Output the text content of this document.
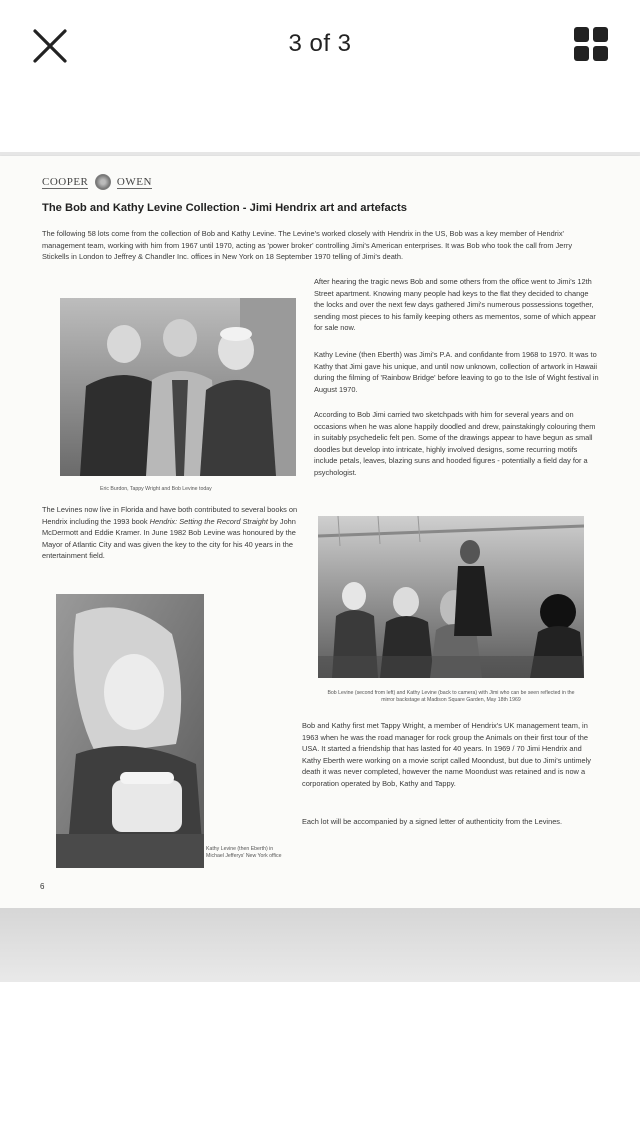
3 of 3
COOPER	OWEN
The Bob and Kathy Levine Collection - Jimi Hendrix art and artefacts

The following 58 lots come from the collection of Bob and Kathy Levine. The Levine's worked closely with Hendrix in the US, Bob was a key member of Hendrix' management team, working with him from 1967 until 1970, acting as 'power broker' controlling Jimi's American enterprises. It was Bob who took the call from Jerry Stickells in London to Jeffrey & Chandler Inc. offices in New York on 18 September 1970 telling of Jimi's death.

After hearing the tragic news Bob and some others from the office went to Jimi's 12th Street apartment. Knowing many people had keys to the flat they decided to change the locks and over the next few days gathered Jimi's numerous possessions together, sending most pieces to his family keeping others as mementos, some of which appear for sale now.

Kathy Levine (then Eberth) was Jimi's P.A. and confidante from 1968 to 1970. It was to Kathy that Jimi gave his unique, and until now unknown, collection of artwork in Hawaii during the filming of 'Rainbow Bridge' before leaving to go to the Isle of Wight festival in August 1970.

According to Bob Jimi carried two sketchpads with him for several years and on occasions when he was alone happily doodled and drew, painstakingly colouring them in suitably psychedelic felt pen. Some of the drawings appear to have begun as small doodles but develop into intricate, highly involved designs, some recurring motifs include petals, leaves, blazing suns and hooded figures - potentially a field day for a psychologist.

Eric Burdon, Tappy Wright and Bob Levine today

The Levines now live in Florida and have both contributed to several books on Hendrix including the 1993 book Hendrix: Setting the Record Straight by John McDermott and Eddie Kramer. In June 1982 Bob Levine was honoured by the Mayor of Atlantic City and was given the key to the city for his 40 years in the entertainment field.

Bob Levine (second from left) and Kathy Levine (back to camera) with Jimi who can be seen reflected in the mirror backstage at Madison Square Garden, May 18th 1969

Bob and Kathy first met Tappy Wright, a member of Hendrix's UK management team, in 1963 when he was the road manager for rock group the Animals on their first tour of the USA. It started a friendship that has lasted for 40 years. In 1969 / 70 Jimi Hendrix and Kathy Eberth were working on a movie script called Moondust, but due to Jimi's untimely death it was never completed, however the name Moondust was retained and is now a corporation operated by Bob, Kathy and Tappy.

Each lot will be accompanied by a signed letter of authenticity from the Levines.

Kathy Levine (then Eberth) in Michael Jefferys' New York office
6
